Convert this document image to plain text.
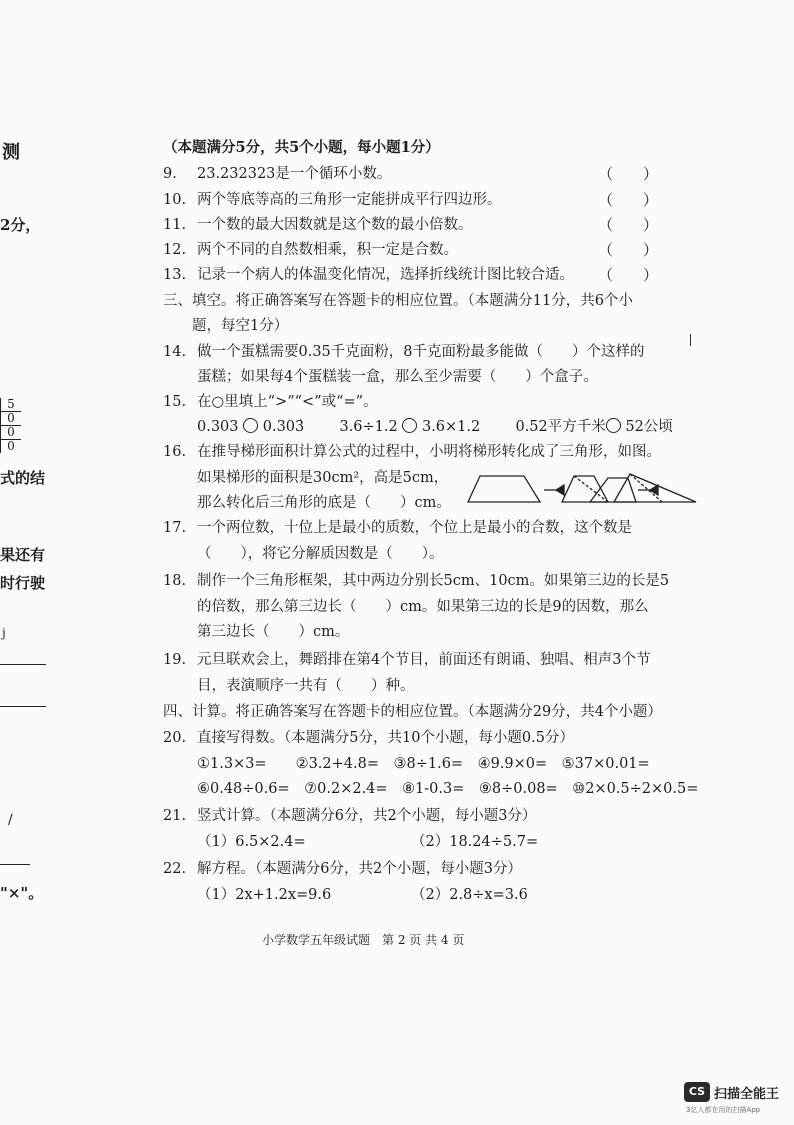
测
2分，
5
0
0
0
式的结
果还有
时行驶
j
/
"×"。
（本题满分5分，共5个小题，每小题1分）
9. 23.232323是一个循环小数。	（　　）
10. 两个等底等高的三角形一定能拼成平行四边形。	（　　）
11. 一个数的最大因数就是这个数的最小倍数。	（　　）
12. 两个不同的自然数相乘，积一定是合数。	（　　）
13. 记录一个病人的体温变化情况，选择折线统计图比较合适。 （　　）
三、填空。将正确答案写在答题卡的相应位置。（本题满分11分，共6个小
题，每空1分）
14. 做一个蛋糕需要0.35千克面粉，8千克面粉最多能做（　　）个这样的
蛋糕；如果每4个蛋糕装一盒，那么至少需要（　　）个盒子。
15. 在○里填上“>”“<”或“=”。
0.303 0.303̇ 3.6÷1.2 3.6×1.2 0.52平方千米 52公顷
16. 在推导梯形面积计算公式的过程中，小明将梯形转化成了三角形，如图。
如果梯形的面积是30cm²，高是5cm，
那么转化后三角形的底是（　　）cm。
17. 一个两位数，十位上是最小的质数，个位上是最小的合数，这个数是
（　　），将它分解质因数是（　　）。
18. 制作一个三角形框架，其中两边分别长5cm、10cm。如果第三边的长是5
的倍数，那么第三边长（　　）cm。如果第三边的长是9的因数，那么
第三边长（　　）cm。
19. 元旦联欢会上，舞蹈排在第4个节目，前面还有朗诵、独唱、相声3个节
目，表演顺序一共有（　　）种。
四、计算。将正确答案写在答题卡的相应位置。（本题满分29分，共4个小题）
20. 直接写得数。（本题满分5分，共10个小题，每小题0.5分）
①1.3×3=　　②3.2+4.8=　③8÷1.6=　④9.9×0=　⑤37×0.01=
⑥0.48÷0.6=　⑦0.2×2.4=　⑧1-0.3=　⑨8÷0.08=　⑩2×0.5÷2×0.5=
21. 竖式计算。（本题满分6分，共2个小题，每小题3分）
（1）6.5×2.4=	（2）18.24÷5.7=
22. 解方程。（本题满分6分，共2个小题，每小题3分）
（1）2x+1.2x=9.6	（2）2.8÷x=3.6
小学数学五年级试题　第 2 页 共 4 页
CS 扫描全能王
3亿人都在用的扫描App
